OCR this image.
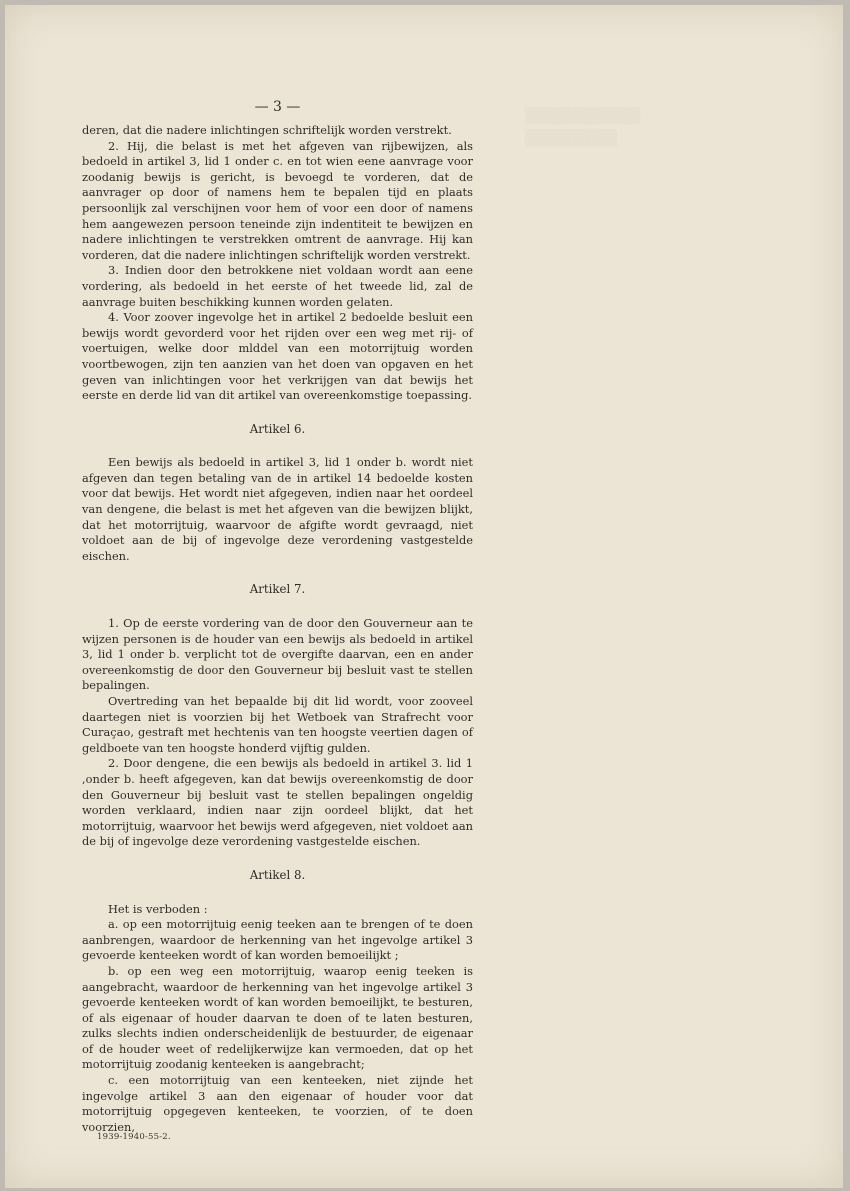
▒▒▒▒▒▒▒▒▒▒
▒▒▒▒▒▒▒▒
— 3 —

deren, dat die nadere inlichtingen schriftelijk worden verstrekt.

2. Hij, die belast is met het afgeven van rijbewijzen, als bedoeld in artikel 3, lid 1 onder c. en tot wien eene aanvrage voor zoodanig bewijs is gericht, is bevoegd te vorderen, dat de aanvrager op door of namens hem te bepalen tijd en plaats persoonlijk zal verschijnen voor hem of voor een door of namens hem aangewezen persoon teneinde zijn indentiteit te bewijzen en nadere inlichtingen te verstrekken omtrent de aanvrage. Hij kan vorderen, dat die nadere inlichtingen schriftelijk worden verstrekt.

3. Indien door den betrokkene niet voldaan wordt aan eene vordering, als bedoeld in het eerste of het tweede lid, zal de aanvrage buiten beschikking kunnen worden gelaten.

4. Voor zoover ingevolge het in artikel 2 bedoelde besluit een bewijs wordt gevorderd voor het rijden over een weg met rij- of voertuigen, welke door mlddel van een motorrijtuig worden voortbewogen, zijn ten aanzien van het doen van opgaven en het geven van inlichtingen voor het verkrijgen van dat bewijs het eerste en derde lid van dit artikel van overeenkomstige toepassing.

Artikel 6.

Een bewijs als bedoeld in artikel 3, lid 1 onder b. wordt niet afgeven dan tegen betaling van de in artikel 14 bedoelde kosten voor dat bewijs. Het wordt niet afgegeven, indien naar het oordeel van dengene, die belast is met het afgeven van die bewijzen blijkt, dat het motorrijtuig, waarvoor de afgifte wordt gevraagd, niet voldoet aan de bij of ingevolge deze verordening vastgestelde eischen.

Artikel 7.

1. Op de eerste vordering van de door den Gouverneur aan te wijzen personen is de houder van een bewijs als bedoeld in artikel 3, lid 1 onder b. verplicht tot de overgifte daarvan, een en ander overeenkomstig de door den Gouverneur bij besluit vast te stellen bepalingen.

Overtreding van het bepaalde bij dit lid wordt, voor zooveel daartegen niet is voorzien bij het Wetboek van Strafrecht voor Curaçao, gestraft met hechtenis van ten hoogste veertien dagen of geldboete van ten hoogste honderd vijftig gulden.

2. Door dengene, die een bewijs als bedoeld in artikel 3. lid 1 ,onder b. heeft afgegeven, kan dat bewijs overeenkomstig de door den Gouverneur bij besluit vast te stellen bepalingen ongeldig worden verklaard, indien naar zijn oordeel blijkt, dat het motorrijtuig, waarvoor het bewijs werd afgegeven, niet voldoet aan de bij of ingevolge deze verordening vastgestelde eischen.

Artikel 8.

Het is verboden :

a. op een motorrijtuig eenig teeken aan te brengen of te doen aanbrengen, waardoor de herkenning van het ingevolge artikel 3 gevoerde kenteeken wordt of kan worden bemoeilijkt ;

b. op een weg een motorrijtuig, waarop eenig teeken is aangebracht, waardoor de herkenning van het ingevolge artikel 3 gevoerde kenteeken wordt of kan worden bemoeilijkt, te besturen, of als eigenaar of houder daarvan te doen of te laten besturen, zulks slechts indien onderscheidenlijk de bestuurder, de eigenaar of de houder weet of redelijkerwijze kan vermoeden, dat op het motorrijtuig zoodanig kenteeken is aangebracht;

c. een motorrijtuig van een kenteeken, niet zijnde het ingevolge artikel 3 aan den eigenaar of houder voor dat motorrijtuig opgegeven kenteeken, te voorzien, of te doen voorzien,

1939-1940-55-2.
